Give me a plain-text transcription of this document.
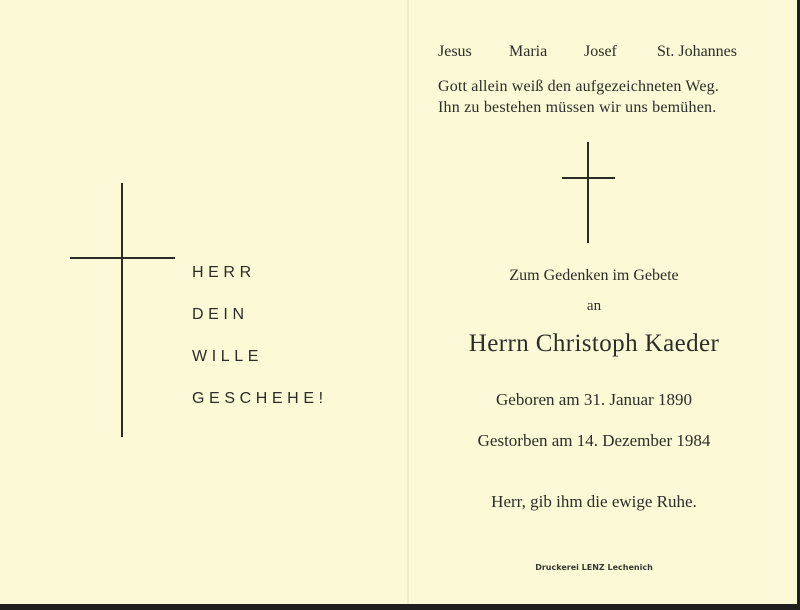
HERR
DEIN
WILLE
GESCHEHE!
Jesus Maria Josef	St. Johannes
Gott allein weiß den aufgezeichneten Weg.
Ihn zu bestehen müssen wir uns bemühen.
Zum Gedenken im Gebete
an
Herrn Christoph Kaeder
Geboren am 31. Januar 1890
Gestorben am 14. Dezember 1984
Herr, gib ihm die ewige Ruhe.
Druckerei LENZ Lechenich
